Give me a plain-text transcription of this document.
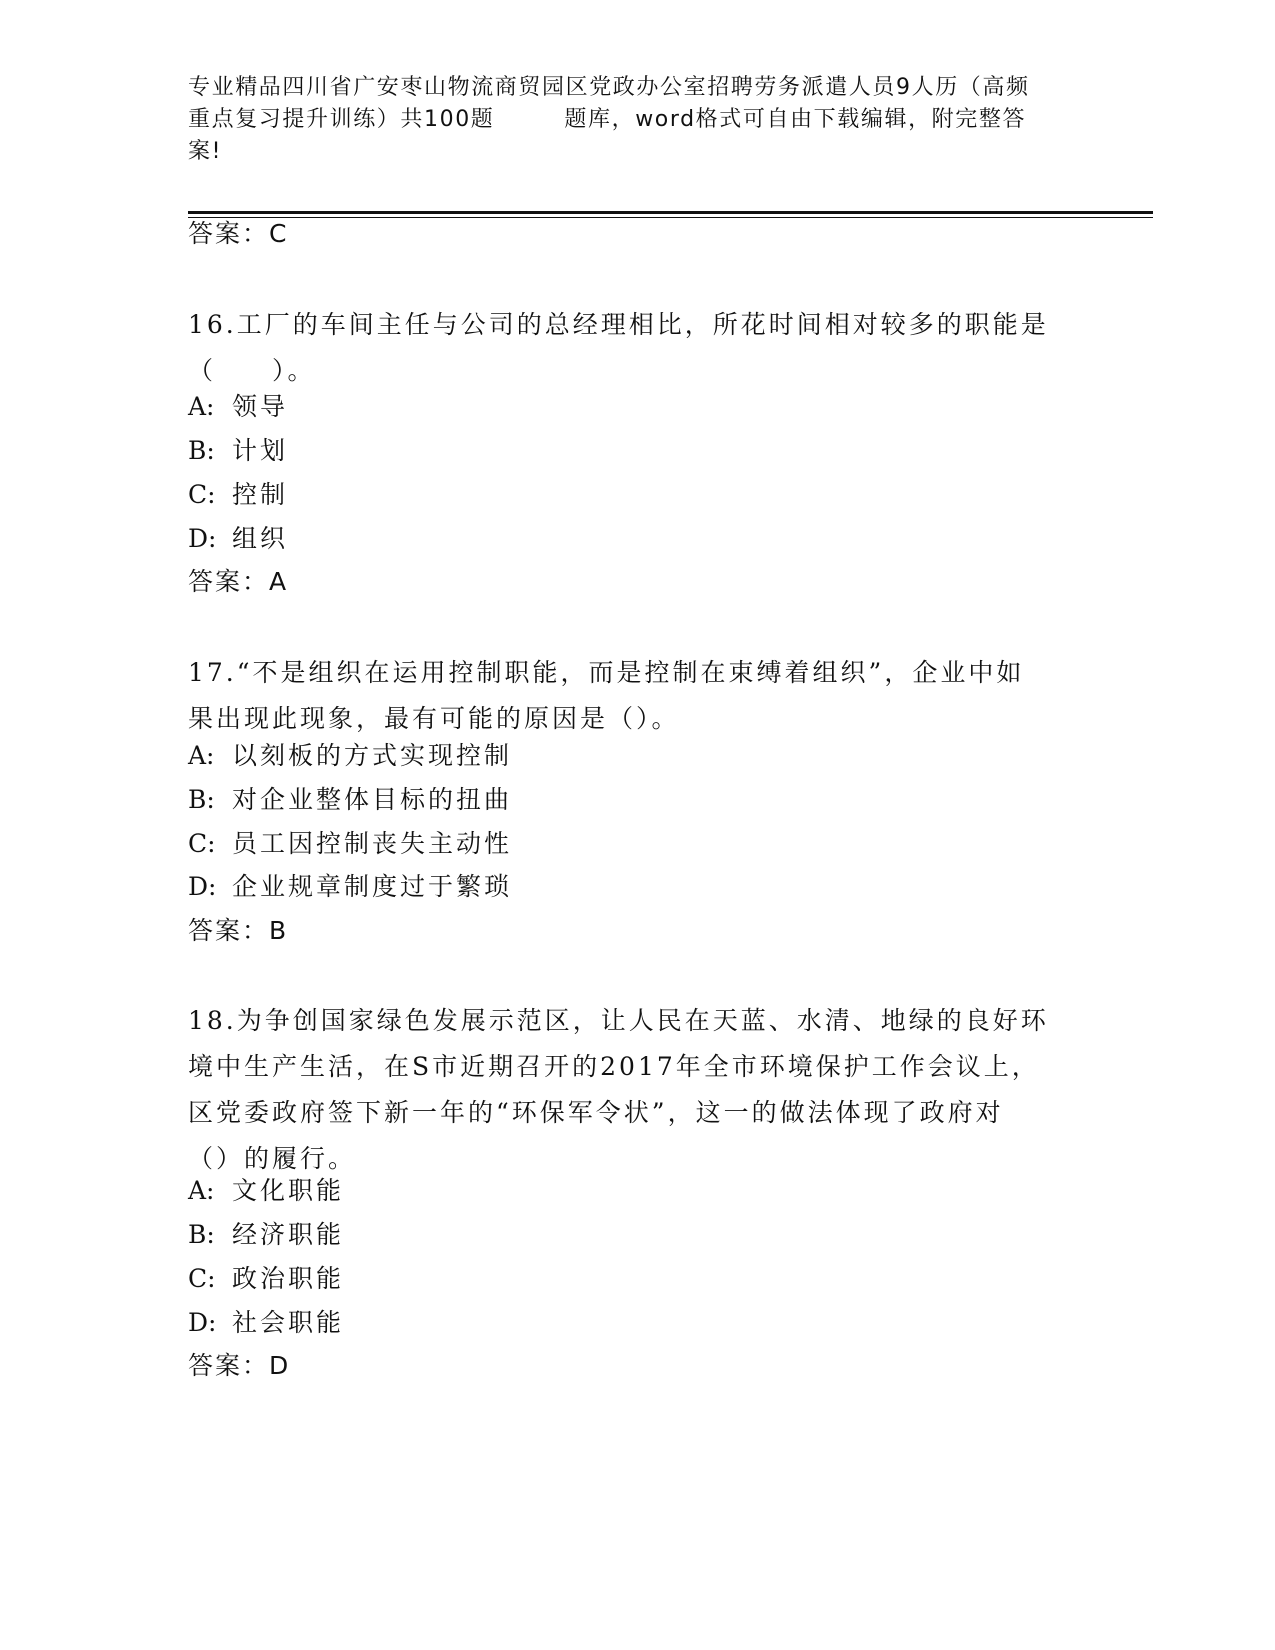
专业精品四川省广安枣山物流商贸园区党政办公室招聘劳务派遣人员9人历（高频
重点复习提升训练）共100题	题库，word格式可自由下载编辑，附完整答
案!
答案：C
16.工厂的车间主任与公司的总经理相比，所花时间相对较多的职能是
（　　）。
A: 领导
B: 计划
C: 控制
D: 组织
答案：A
17.“不是组织在运用控制职能，而是控制在束缚着组织”，企业中如
果出现此现象，最有可能的原因是（）。
A: 以刻板的方式实现控制
B: 对企业整体目标的扭曲
C: 员工因控制丧失主动性
D: 企业规章制度过于繁琐
答案：B
18.为争创国家绿色发展示范区，让人民在天蓝、水清、地绿的良好环
境中生产生活，在S市近期召开的2017年全市环境保护工作会议上，
区党委政府签下新一年的“环保军令状”，这一的做法体现了政府对
（）的履行。
A: 文化职能
B: 经济职能
C: 政治职能
D: 社会职能
答案：D
